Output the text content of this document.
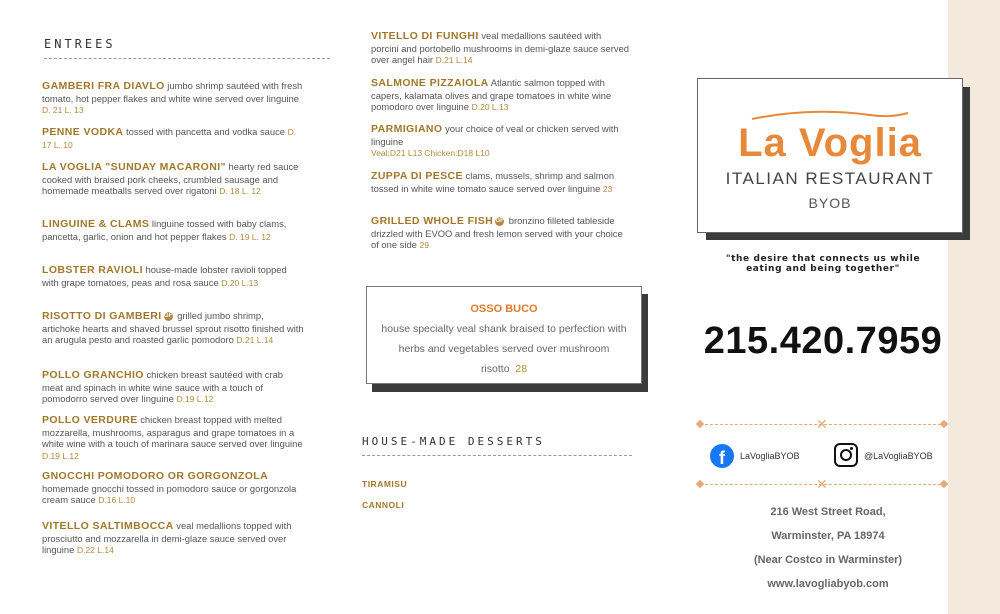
ENTREES
GAMBERI FRA DIAVLO jumbo shrimp sautéed with fresh tomato, hot pepper flakes and white wine served over linguine D. 21 L. 13
PENNE VODKA tossed with pancetta and vodka sauce D. 17 L. 10
LA VOGLIA "SUNDAY MACARONI" hearty red sauce cooked with braised pork cheeks, crumbled sausage and homemade meatballs served over rigatoni D. 18 L. 12
LINGUINE & CLAMS linguine tossed with baby clams, pancetta, garlic, onion and hot pepper flakes D. 19 L. 12
LOBSTER RAVIOLI house-made lobster ravioli topped with grape tomatoes, peas and rosa sauce D.20 L.13
RISOTTO DI GAMBERI GF grilled jumbo shrimp, artichoke hearts and shaved brussel sprout risotto finished with an arugula pesto and roasted garlic pomodoro D.21 L.14
POLLO GRANCHIO chicken breast sautéed with crab meat and spinach in white wine sauce with a touch of pomodorro served over linguine D.19 L.12
POLLO VERDURE chicken breast topped with melted mozzarella, mushrooms, asparagus and grape tomatoes in a white wine with a touch of marinara sauce served over linguine D.19 L.12
GNOCCHI POMODORO OR GORGONZOLA homemade gnocchi tossed in pomodoro sauce or gorgonzola cream sauce D.16 L.10
VITELLO SALTIMBOCCA veal medallions topped with prosciutto and mozzarella in demi-glaze sauce served over linguine D.22 L.14
VITELLO DI FUNGHI veal medallions sautéed with porcini and portobello mushrooms in demi-glaze sauce served over angel hair D.21 L.14
SALMONE PIZZAIOLA Atlantic salmon topped with capers, kalamata olives and grape tomatoes in white wine pomodoro over linguine D.20 L.13
PARMIGIANO your choice of veal or chicken served with linguine
Veal:D21 L13 Chicken:D18 L10
ZUPPA DI PESCE clams, mussels, shrimp and salmon tossed in white wine tomato sauce served over linguine 23
GRILLED WHOLE FISH GF bronzino filleted tableside drizzled with EVOO and fresh lemon served with your choice of one side 29
OSSO BUCO
house specialty veal shank braised to perfection with herbs and vegetables served over mushroom risotto 28
HOUSE-MADE DESSERTS
TIRAMISU
CANNOLI
La Voglia
ITALIAN RESTAURANT
BYOB
"the desire that connects us while eating and being together"
215.420.7959
✕
✕
f	LaVogliaBYOB	@LaVogliaBYOB
216 West Street Road,
Warminster, PA 18974
(Near Costco in Warminster)
www.lavogliabyob.com
